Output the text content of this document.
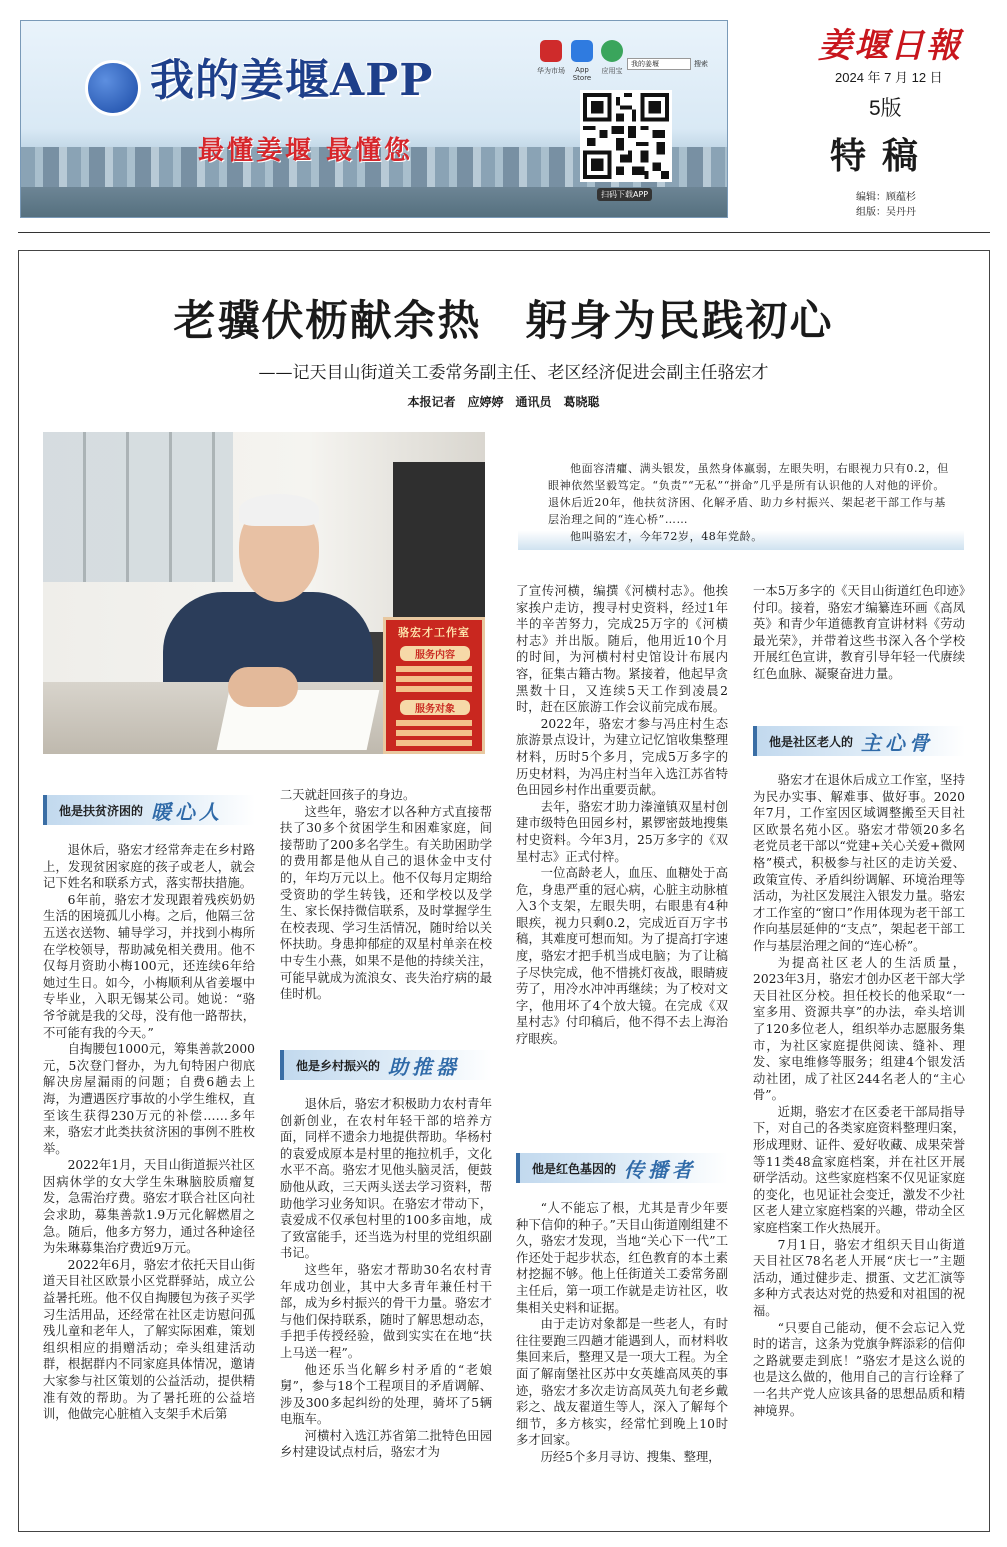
我的姜堰APP
最懂姜堰 最懂您
华为市场	App Store
应用宝
我的姜堰	搜索
扫码下载APP
姜堰日報
2024 年 7 月 12 日
5版
特稿
编辑：顾蕴杉
组版：吴丹丹
老骥伏枥献余热　躬身为民践初心
——记天目山街道关工委常务副主任、老区经济促进会副主任骆宏才
本报记者　应婷婷　通讯员　葛晓聪
骆宏才工作室
服务内容
服务对象

他面容清癯、满头银发，虽然身体羸弱，左眼失明，右眼视力只有0.2，但眼神依然坚毅笃定。“负责”“无私”“拼命”几乎是所有认识他的人对他的评价。退休后近20年，他扶贫济困、化解矛盾、助力乡村振兴、架起老干部工作与基层治理之间的“连心桥”……

他叫骆宏才，今年72岁，48年党龄。

他是扶贫济困的 暖心人

退休后，骆宏才经常奔走在乡村路上，发现贫困家庭的孩子或老人，就会记下姓名和联系方式，落实帮扶措施。

6年前，骆宏才发现跟着残疾奶奶生活的困境孤儿小梅。之后，他隔三岔五送衣送物、辅导学习，并找到小梅所在学校领导，帮助减免相关费用。他不仅每月资助小梅100元，还连续6年给她过生日。如今，小梅顺利从省姜堰中专毕业，入职无锡某公司。她说：“骆爷爷就是我的父母，没有他一路帮扶，不可能有我的今天。”

自掏腰包1000元，筹集善款2000元，5次登门督办，为九旬特困户彻底解决房屋漏雨的问题；自费6趟去上海，为遭遇医疗事故的小学生维权，直至该生获得230万元的补偿……多年来，骆宏才此类扶贫济困的事例不胜枚举。

2022年1月，天目山街道振兴社区因病休学的女大学生朱琳脑胶质瘤复发，急需治疗费。骆宏才联合社区向社会求助，募集善款1.9万元化解燃眉之急。随后，他多方努力，通过各种途径为朱琳募集治疗费近9万元。

2022年6月，骆宏才依托天目山街道天目社区欧景小区党群驿站，成立公益暑托班。他不仅自掏腰包为孩子买学习生活用品，还经常在社区走访慰问孤残儿童和老年人，了解实际困难，策划组织相应的捐赠活动；牵头组建活动群，根据群内不同家庭具体情况，邀请大家参与社区策划的公益活动，提供精准有效的帮助。为了暑托班的公益培训，他做完心脏植入支架手术后第

二天就赶回孩子的身边。

这些年，骆宏才以各种方式直接帮扶了30多个贫困学生和困难家庭，间接帮助了200多名学生。有关助困助学的费用都是他从自己的退休金中支付的，年均万元以上。他不仅每月定期给受资助的学生转钱，还和学校以及学生、家长保持微信联系，及时掌握学生在校表现、学习生活情况，随时给以关怀扶助。身患抑郁症的双星村单亲在校中专生小燕，如果不是他的持续关注，可能早就成为流浪女、丧失治疗病的最佳时机。

他是乡村振兴的 助推器

退休后，骆宏才积极助力农村青年创新创业，在农村年轻干部的培养方面，同样不遗余力地提供帮助。华杨村的袁爱成原本是村里的拖拉机手，文化水平不高。骆宏才见他头脑灵活，便鼓励他从政，三天两头送去学习资料，帮助他学习业务知识。在骆宏才带动下，袁爱成不仅承包村里的100多亩地，成了致富能手，还当选为村里的党组织副书记。

这些年，骆宏才帮助30名农村青年成功创业，其中大多青年兼任村干部，成为乡村振兴的骨干力量。骆宏才与他们保持联系，随时了解思想动态，手把手传授经验，做到实实在在地“扶上马送一程”。

他还乐当化解乡村矛盾的“老娘舅”，参与18个工程项目的矛盾调解、涉及300多起纠纷的处理，骑坏了5辆电瓶车。

河横村入选江苏省第二批特色田园乡村建设试点村后，骆宏才为

了宣传河横，编撰《河横村志》。他挨家挨户走访，搜寻村史资料，经过1年半的辛苦努力，完成25万字的《河横村志》并出版。随后，他用近10个月的时间，为河横村村史馆设计布展内容，征集古籍古物。紧接着，他起早贪黑数十日，又连续5天工作到凌晨2时，赶在区旅游工作会议前完成布展。

2022年，骆宏才参与冯庄村生态旅游景点设计，为建立记忆馆收集整理材料，历时5个多月，完成5万多字的历史材料，为冯庄村当年入选江苏省特色田园乡村作出重要贡献。

去年，骆宏才助力溱潼镇双星村创建市级特色田园乡村，累锣密鼓地搜集村史资料。今年3月，25万多字的《双星村志》正式付梓。

一位高龄老人，血压、血糖处于高危，身患严重的冠心病，心脏主动脉植入3个支架，左眼失明，右眼患有4种眼疾，视力只剩0.2，完成近百万字书稿，其难度可想而知。为了提高打字速度，骆宏才把手机当成电脑；为了让稿子尽快完成，他不惜挑灯夜战，眼睛疲劳了，用冷水冲冲再继续；为了校对文字，他用坏了4个放大镜。在完成《双星村志》付印稿后，他不得不去上海治疗眼疾。

他是红色基因的 传播者

“人不能忘了根，尤其是青少年要种下信仰的种子。”天目山街道刚组建不久，骆宏才发现，当地“关心下一代”工作还处于起步状态，红色教育的本土素材挖掘不够。他上任街道关工委常务副主任后，第一项工作就是走访社区，收集相关史料和证据。

由于走访对象都是一些老人，有时往往要跑三四趟才能遇到人，而材料收集回来后，整理又是一项大工程。为全面了解南堡社区苏中女英雄高凤英的事迹，骆宏才多次走访高凤英九旬老乡戴彩之、战友翟道生等人，深入了解每个细节，多方核实，经常忙到晚上10时多才回家。

历经5个多月寻访、搜集、整理，

一本5万多字的《天目山街道红色印迹》付印。接着，骆宏才编纂连环画《高凤英》和青少年道德教育宣讲材料《劳动最光荣》，并带着这些书深入各个学校开展红色宣讲，教育引导年轻一代赓续红色血脉、凝聚奋进力量。

他是社区老人的 主心骨

骆宏才在退休后成立工作室，坚持为民办实事、解难事、做好事。2020年7月，工作室因区域调整搬至天目社区欧景名苑小区。骆宏才带领20多名老党员老干部以“党建+关心关爱+微网格”模式，积极参与社区的走访关爱、政策宣传、矛盾纠纷调解、环境治理等活动，为社区发展注入银发力量。骆宏才工作室的“窗口”作用体现为老干部工作向基层延伸的“支点”，架起老干部工作与基层治理之间的“连心桥”。

为提高社区老人的生活质量，2023年3月，骆宏才创办区老干部大学天目社区分校。担任校长的他采取“一室多用、资源共享”的办法，牵头培训了120多位老人，组织举办志愿服务集市，为社区家庭提供阅读、缝补、理发、家电维修等服务；组建4个银发活动社团，成了社区244名老人的“主心骨”。

近期，骆宏才在区委老干部局指导下，对自己的各类家庭资料整理归案，形成理财、证件、爱好收藏、成果荣誉等11类48盒家庭档案，并在社区开展研学活动。这些家庭档案不仅见证家庭的变化，也见证社会变迁，激发不少社区老人建立家庭档案的兴趣，带动全区家庭档案工作火热展开。

7月1日，骆宏才组织天目山街道天目社区78名老人开展“庆七一”主题活动，通过健步走、掼蛋、文艺汇演等多种方式表达对党的热爱和对祖国的祝福。

“只要自己能动，便不会忘记入党时的诺言，这条为党旗争辉添彩的信仰之路就要走到底！”骆宏才是这么说的也是这么做的，他用自己的言行诠释了一名共产党人应该具备的思想品质和精神境界。
